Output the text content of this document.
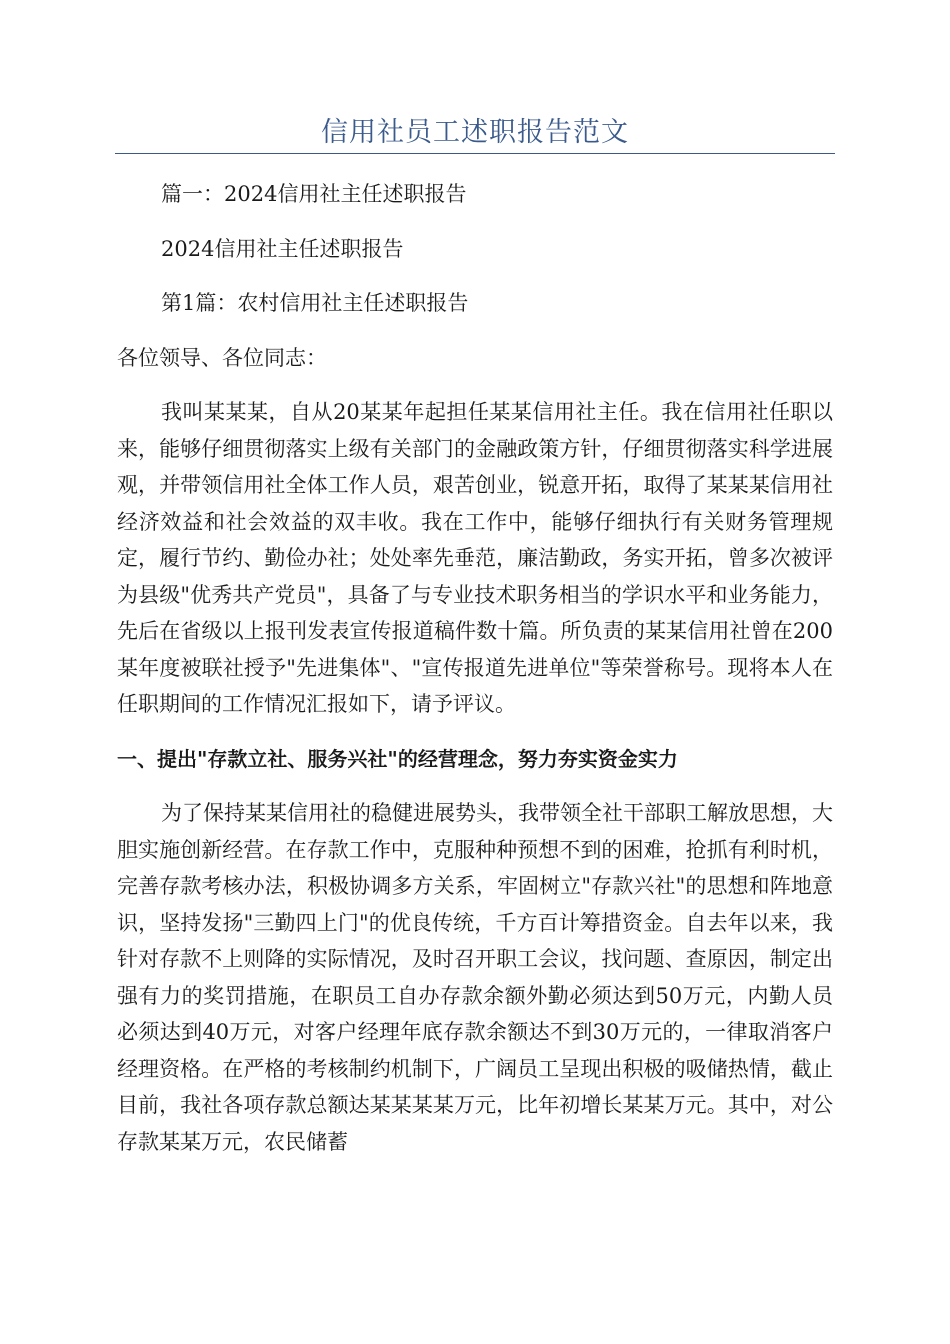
信用社员工述职报告范文

篇一：2024信用社主任述职报告

2024信用社主任述职报告

第1篇：农村信用社主任述职报告

各位领导、各位同志：

我叫某某某，自从20某某年起担任某某信用社主任。我在信用社任职以来，能够仔细贯彻落实上级有关部门的金融政策方针，仔细贯彻落实科学进展观，并带领信用社全体工作人员，艰苦创业，锐意开拓，取得了某某某信用社经济效益和社会效益的双丰收。我在工作中，能够仔细执行有关财务管理规定，履行节约、勤俭办社；处处率先垂范，廉洁勤政，务实开拓，曾多次被评为县级"优秀共产党员"，具备了与专业技术职务相当的学识水平和业务能力，先后在省级以上报刊发表宣传报道稿件数十篇。所负责的某某信用社曾在200某年度被联社授予"先进集体"、"宣传报道先进单位"等荣誉称号。现将本人在任职期间的工作情况汇报如下，请予评议。

一、提出"存款立社、服务兴社"的经营理念，努力夯实资金实力

为了保持某某信用社的稳健进展势头，我带领全社干部职工解放思想，大胆实施创新经营。在存款工作中，克服种种预想不到的困难，抢抓有利时机，完善存款考核办法，积极协调多方关系，牢固树立"存款兴社"的思想和阵地意识，坚持发扬"三勤四上门"的优良传统，千方百计筹措资金。自去年以来，我针对存款不上则降的实际情况，及时召开职工会议，找问题、查原因，制定出强有力的奖罚措施，在职员工自办存款余额外勤必须达到50万元，内勤人员必须达到40万元，对客户经理年底存款余额达不到30万元的，一律取消客户经理资格。在严格的考核制约机制下，广阔员工呈现出积极的吸储热情，截止目前，我社各项存款总额达某某某某万元，比年初增长某某万元。其中，对公存款某某万元，农民储蓄
